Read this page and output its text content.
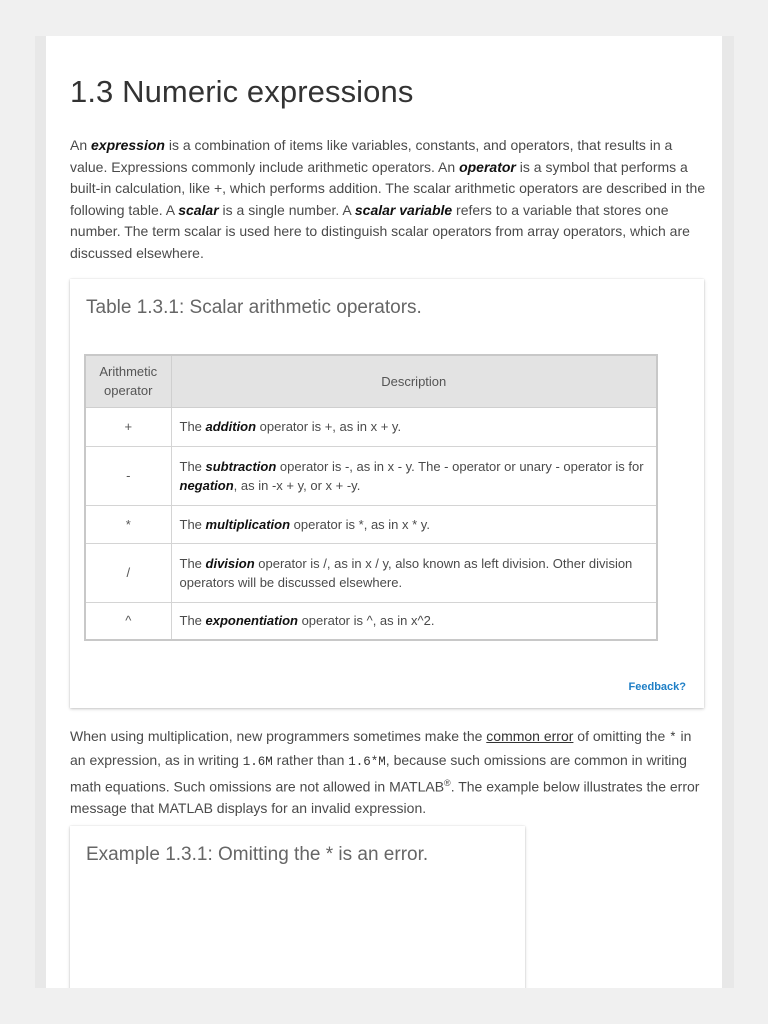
1.3 Numeric expressions

An expression is a combination of items like variables, constants, and operators, that results in a value. Expressions commonly include arithmetic operators. An operator is a symbol that performs a built-in calculation, like +, which performs addition. The scalar arithmetic operators are described in the following table. A scalar is a single number. A scalar variable refers to a variable that stores one number. The term scalar is used here to distinguish scalar operators from array operators, which are discussed elsewhere.

Table 1.3.1: Scalar arithmetic operators.
Arithmetic operator	Description
+	The addition operator is +, as in x + y.
-	The subtraction operator is -, as in x - y. The - operator or unary - operator is for negation, as in -x + y, or x + -y.
*	The multiplication operator is *, as in x * y.
/	The division operator is /, as in x / y, also known as left division. Other division operators will be discussed elsewhere.
^	The exponentiation operator is ^, as in x^2.
Feedback?

When using multiplication, new programmers sometimes make the common error of omitting the * in an expression, as in writing 1.6M rather than 1.6*M, because such omissions are common in writing math equations. Such omissions are not allowed in MATLAB®. The example below illustrates the error message that MATLAB displays for an invalid expression.

Example 1.3.1: Omitting the * is an error.
